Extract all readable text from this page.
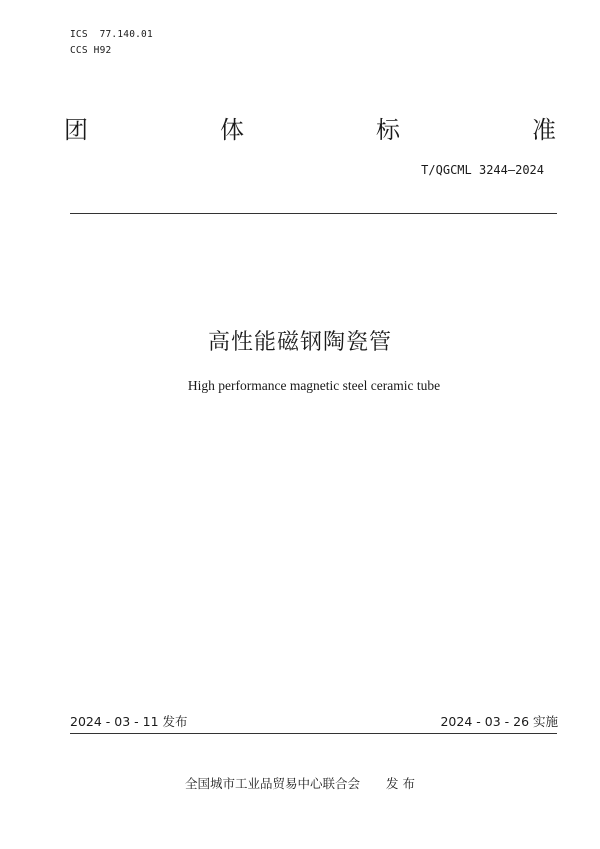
ICS  77.140.01
CCS H92
团	体	标	准
T/QGCML 3244—2024
高性能磁钢陶瓷管
High performance magnetic steel ceramic tube
2024 - 03 - 11 发布	2024 - 03 - 26 实施
全国城市工业品贸易中心联合会 发 布
